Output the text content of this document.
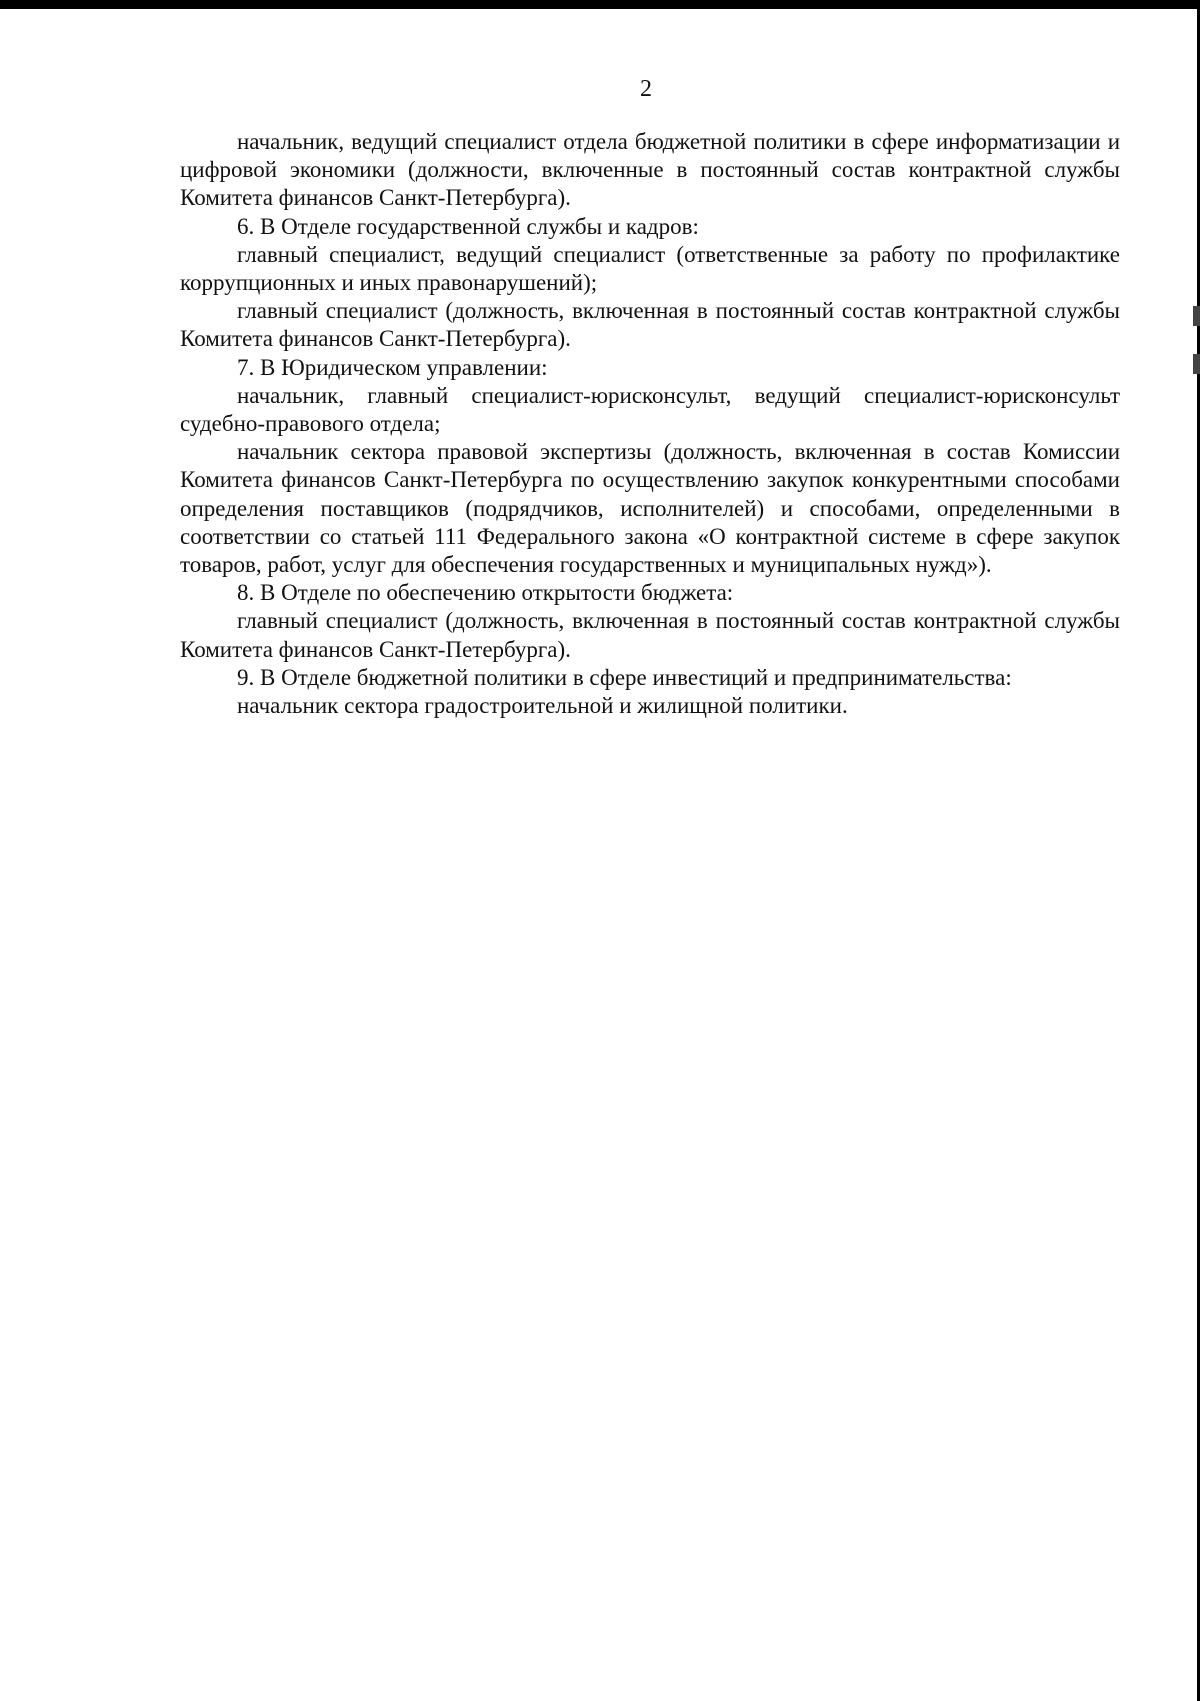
2

начальник, ведущий специалист отдела бюджетной политики в сфере информатизации и цифровой экономики (должности, включенные в постоянный состав контрактной службы Комитета финансов Санкт-Петербурга).

6. В Отделе государственной службы и кадров:

главный специалист, ведущий специалист (ответственные за работу по профилактике коррупционных и иных правонарушений);

главный специалист (должность, включенная в постоянный состав контрактной службы Комитета финансов Санкт-Петербурга).

7. В Юридическом управлении:

начальник, главный специалист-юрисконсульт, ведущий специалист-юрисконсульт судебно-правового отдела;

начальник сектора правовой экспертизы (должность, включенная в состав Комиссии Комитета финансов Санкт-Петербурга по осуществлению закупок конкурентными способами определения поставщиков (подрядчиков, исполнителей) и способами, определенными в соответствии со статьей 111 Федерального закона «О контрактной системе в сфере закупок товаров, работ, услуг для обеспечения государственных и муниципальных нужд»).

8. В Отделе по обеспечению открытости бюджета:

главный специалист (должность, включенная в постоянный состав контрактной службы Комитета финансов Санкт-Петербурга).

9. В Отделе бюджетной политики в сфере инвестиций и предпринимательства:

начальник сектора градостроительной и жилищной политики.
